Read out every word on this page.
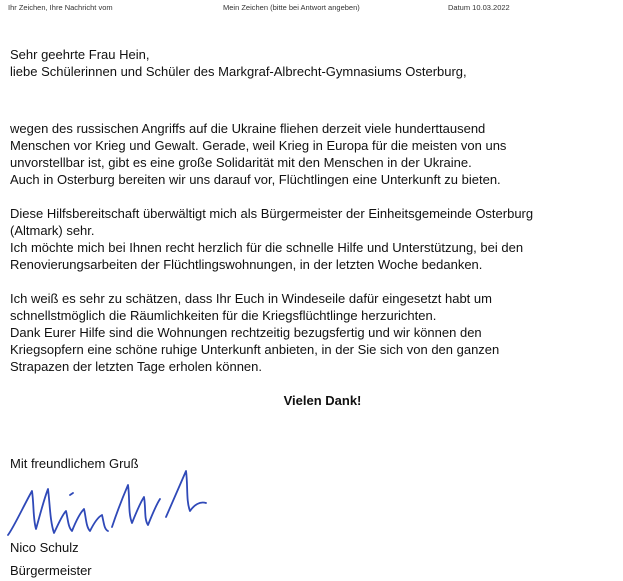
Ihr Zeichen, Ihre Nachricht vom	Mein Zeichen (bitte bei Antwort angeben)	Datum 10.03.2022

Sehr geehrte Frau Hein,
liebe Schülerinnen und Schüler des Markgraf-Albrecht-Gymnasiums Osterburg,

wegen des russischen Angriffs auf die Ukraine fliehen derzeit viele hunderttausend
Menschen vor Krieg und Gewalt. Gerade, weil Krieg in Europa für die meisten von uns
unvorstellbar ist, gibt es eine große Solidarität mit den Menschen in der Ukraine.
Auch in Osterburg bereiten wir uns darauf vor, Flüchtlingen eine Unterkunft zu bieten.

Diese Hilfsbereitschaft überwältigt mich als Bürgermeister der Einheitsgemeinde Osterburg
(Altmark) sehr.
Ich möchte mich bei Ihnen recht herzlich für die schnelle Hilfe und Unterstützung, bei den
Renovierungsarbeiten der Flüchtlingswohnungen, in der letzten Woche bedanken.

Ich weiß es sehr zu schätzen, dass Ihr Euch in Windeseile dafür eingesetzt habt um
schnellstmöglich die Räumlichkeiten für die Kriegsflüchtlinge herzurichten.
Dank Eurer Hilfe sind die Wohnungen rechtzeitig bezugsfertig und wir können den
Kriegsopfern eine schöne ruhige Unterkunft anbieten, in der Sie sich von den ganzen
Strapazen der letzten Tage erholen können.

Vielen Dank!

Mit freundlichem Gruß
Nico Schulz
Bürgermeister
